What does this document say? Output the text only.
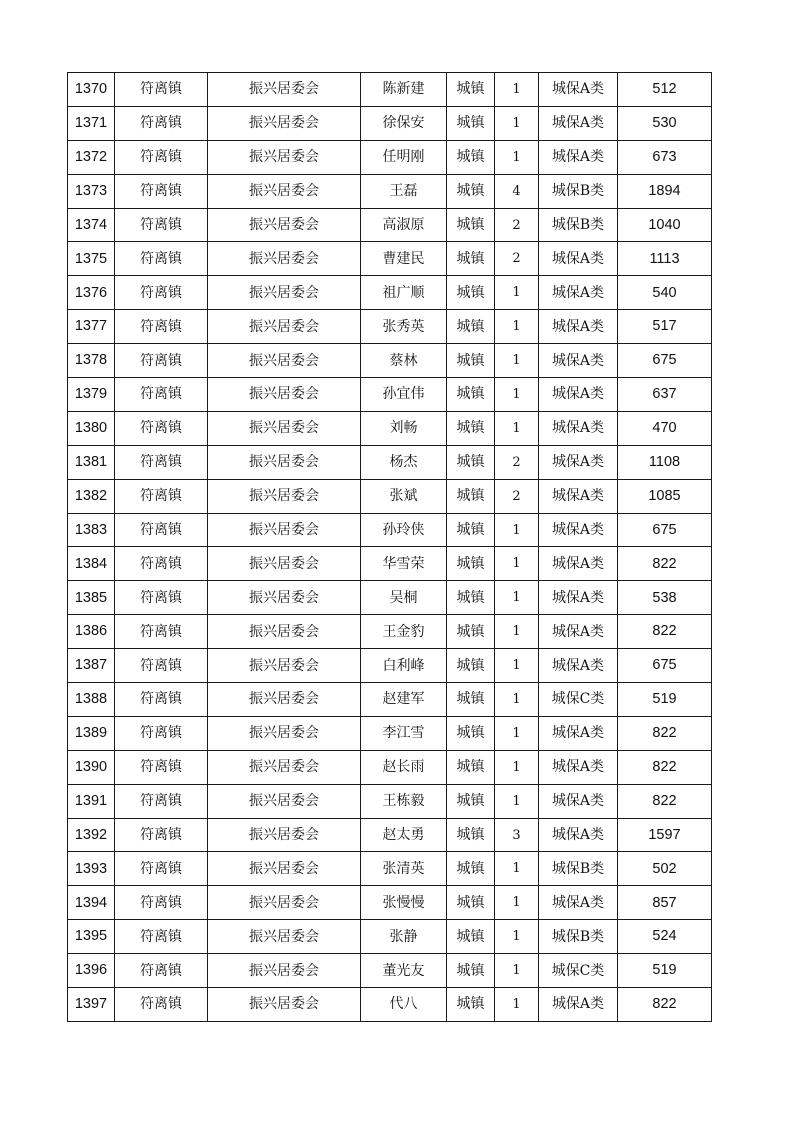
1370	符离镇	振兴居委会	陈新建	城镇	1	城保A类	512
1371	符离镇	振兴居委会	徐保安	城镇	1	城保A类	530
1372	符离镇	振兴居委会	任明刚	城镇	1	城保A类	673
1373	符离镇	振兴居委会	王磊	城镇	4	城保B类	1894
1374	符离镇	振兴居委会	高淑原	城镇	2	城保B类	1040
1375	符离镇	振兴居委会	曹建民	城镇	2	城保A类	1113
1376	符离镇	振兴居委会	祖广顺	城镇	1	城保A类	540
1377	符离镇	振兴居委会	张秀英	城镇	1	城保A类	517
1378	符离镇	振兴居委会	蔡林	城镇	1	城保A类	675
1379	符离镇	振兴居委会	孙宜伟	城镇	1	城保A类	637
1380	符离镇	振兴居委会	刘畅	城镇	1	城保A类	470
1381	符离镇	振兴居委会	杨杰	城镇	2	城保A类	1108
1382	符离镇	振兴居委会	张斌	城镇	2	城保A类	1085
1383	符离镇	振兴居委会	孙玲侠	城镇	1	城保A类	675
1384	符离镇	振兴居委会	华雪荣	城镇	1	城保A类	822
1385	符离镇	振兴居委会	吴桐	城镇	1	城保A类	538
1386	符离镇	振兴居委会	王金豹	城镇	1	城保A类	822
1387	符离镇	振兴居委会	白利峰	城镇	1	城保A类	675
1388	符离镇	振兴居委会	赵建军	城镇	1	城保C类	519
1389	符离镇	振兴居委会	李江雪	城镇	1	城保A类	822
1390	符离镇	振兴居委会	赵长雨	城镇	1	城保A类	822
1391	符离镇	振兴居委会	王栋毅	城镇	1	城保A类	822
1392	符离镇	振兴居委会	赵太勇	城镇	3	城保A类	1597
1393	符离镇	振兴居委会	张清英	城镇	1	城保B类	502
1394	符离镇	振兴居委会	张慢慢	城镇	1	城保A类	857
1395	符离镇	振兴居委会	张静	城镇	1	城保B类	524
1396	符离镇	振兴居委会	董光友	城镇	1	城保C类	519
1397	符离镇	振兴居委会	代八	城镇	1	城保A类	822
